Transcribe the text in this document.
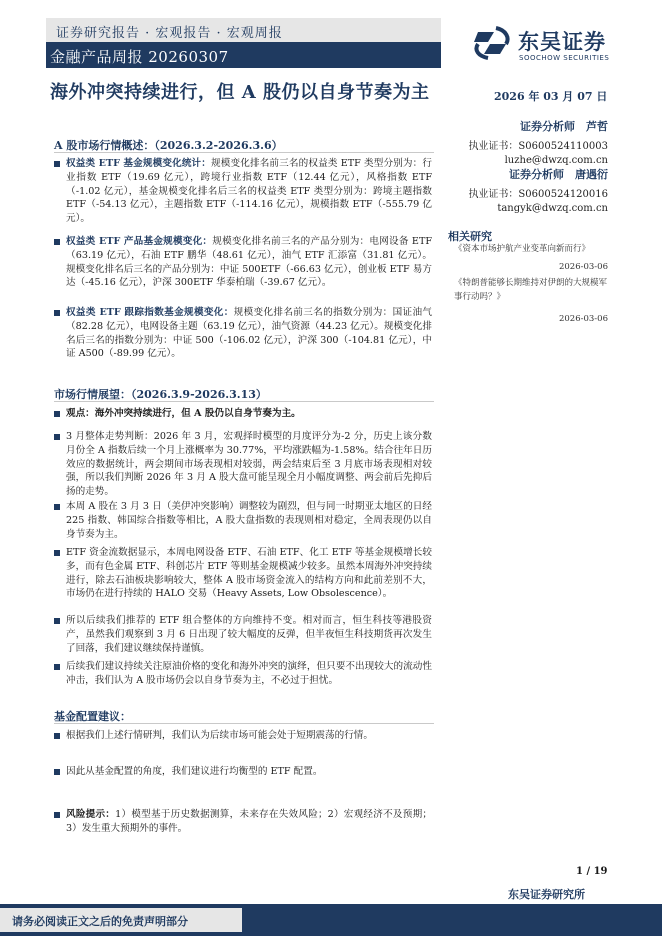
证券研究报告 · 宏观报告 · 宏观周报
金融产品周报 20260307
东吴证券
SOOCHOW SECURITIES
海外冲突持续进行，但 A 股仍以自身节奏为主	2026 年 03 月 07 日
证券分析师　芦哲
执业证书：S0600524110003
luzhe@dwzq.com.cn
证券分析师　唐遇衍
执业证书：S0600524120016
tangyk@dwzq.com.cn
相关研究
《资本市场护航产业变革向新而行》
2026-03-06
《特朗普能够长期维持对伊朗的大规模军事行动吗？》
2026-03-06
A 股市场行情概述：（2026.3.2-2026.3.6）
权益类 ETF 基金规模变化统计：规模变化排名前三名的权益类 ETF 类型分别为：行业指数 ETF（19.69 亿元），跨境行业指数 ETF（12.44 亿元），风格指数 ETF（-1.02 亿元），基金规模变化排名后三名的权益类 ETF 类型分别为：跨境主题指数 ETF（-54.13 亿元），主题指数 ETF（-114.16 亿元），规模指数 ETF（-555.79 亿元）。
权益类 ETF 产品基金规模变化：规模变化排名前三名的产品分别为：电网设备 ETF（63.19 亿元），石油 ETF 鹏华（48.61 亿元），油气 ETF 汇添富（31.81 亿元）。规模变化排名后三名的产品分别为：中证 500ETF（-66.63 亿元），创业板 ETF 易方达（-45.16 亿元），沪深 300ETF 华泰柏瑞（-39.67 亿元）。
权益类 ETF 跟踪指数基金规模变化：规模变化排名前三名的指数分别为：国证油气（82.28 亿元），电网设备主题（63.19 亿元），油气资源（44.23 亿元）。规模变化排名后三名的指数分别为：中证 500（-106.02 亿元），沪深 300（-104.81 亿元），中证 A500（-89.99 亿元）。
市场行情展望：（2026.3.9-2026.3.13）
观点：海外冲突持续进行，但 A 股仍以自身节奏为主。
3 月整体走势判断：2026 年 3 月，宏观择时模型的月度评分为-2 分，历史上该分数月份全 A 指数后续一个月上涨概率为 30.77%，平均涨跌幅为-1.58%。结合往年日历效应的数据统计，两会期间市场表现相对较弱，两会结束后至 3 月底市场表现相对较强，所以我们判断 2026 年 3 月 A 股大盘可能呈现全月小幅度调整、两会前后先抑后扬的走势。
本周 A 股在 3 月 3 日（美伊冲突影响）调整较为剧烈，但与同一时期亚太地区的日经 225 指数、韩国综合指数等相比，A 股大盘指数的表现则相对稳定，全周表现仍以自身节奏为主。
ETF 资金流数据显示，本周电网设备 ETF、石油 ETF、化工 ETF 等基金规模增长较多，而有色金属 ETF、科创芯片 ETF 等则基金规模减少较多。虽然本周海外冲突持续进行，除去石油板块影响较大，整体 A 股市场资金流入的结构方向和此前差别不大，市场仍在进行持续的 HALO 交易（Heavy Assets, Low Obsolescence）。
所以后续我们推荐的 ETF 组合整体的方向维持不变。相对而言，恒生科技等港股资产，虽然我们观察到 3 月 6 日出现了较大幅度的反弹，但半夜恒生科技期货再次发生了回落，我们建议继续保持谨慎。
后续我们建议持续关注原油价格的变化和海外冲突的演绎，但只要不出现较大的流动性冲击，我们认为 A 股市场仍会以自身节奏为主，不必过于担忧。
基金配置建议：
根据我们上述行情研判，我们认为后续市场可能会处于短期震荡的行情。
因此从基金配置的角度，我们建议进行均衡型的 ETF 配置。
风险提示：1）模型基于历史数据测算，未来存在失效风险；2）宏观经济不及预期；3）发生重大预期外的事件。
1 / 19
东吴证券研究所
请务必阅读正文之后的免责声明部分
